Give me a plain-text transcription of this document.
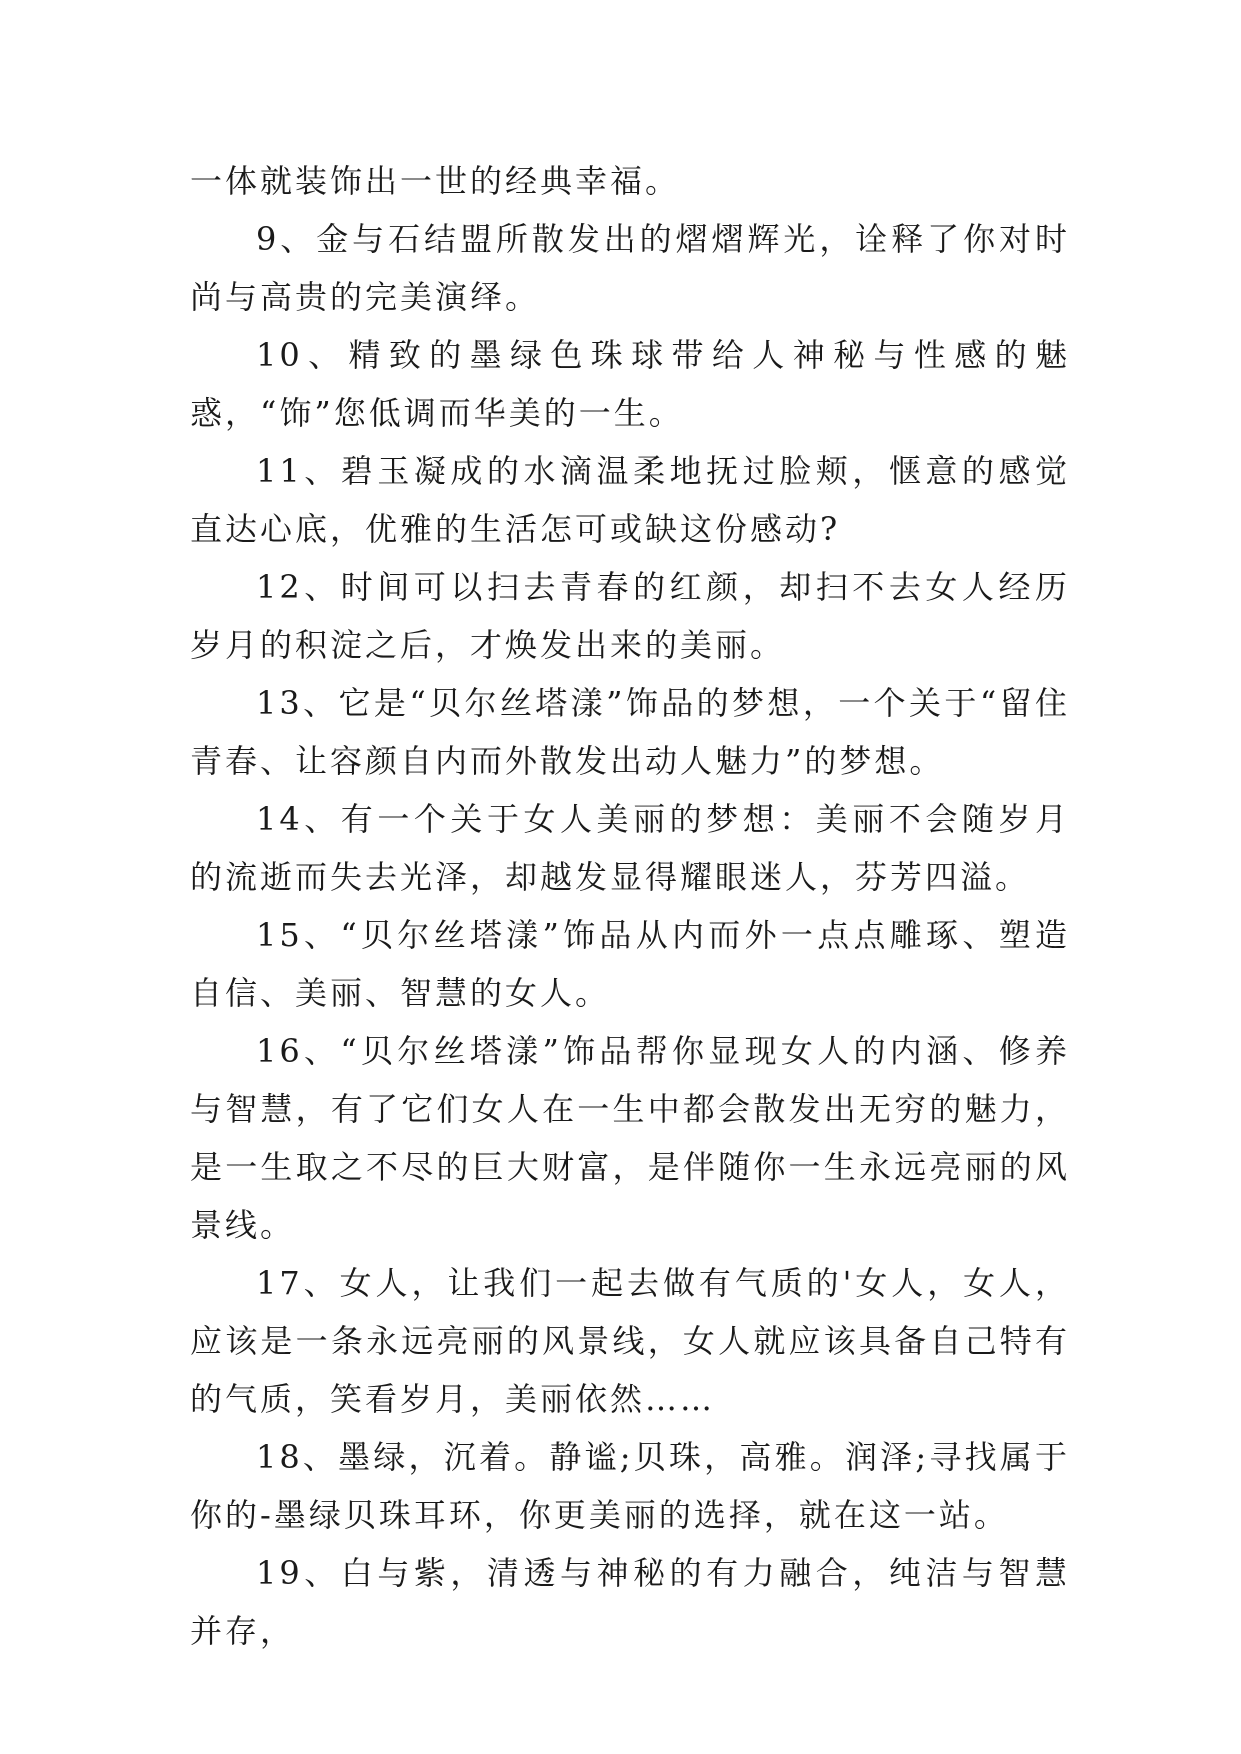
一体就装饰出一世的经典幸福。

9、金与石结盟所散发出的熠熠辉光，诠释了你对时尚与高贵的完美演绎。

10、精致的墨绿色珠球带给人神秘与性感的魅惑，“饰”您低调而华美的一生。

11、碧玉凝成的水滴温柔地抚过脸颊，惬意的感觉直达心底，优雅的生活怎可或缺这份感动?

12、时间可以扫去青春的红颜，却扫不去女人经历岁月的积淀之后，才焕发出来的美丽。

13、它是“贝尔丝塔漾”饰品的梦想，一个关于“留住青春、让容颜自内而外散发出动人魅力”的梦想。

14、有一个关于女人美丽的梦想：美丽不会随岁月的流逝而失去光泽，却越发显得耀眼迷人，芬芳四溢。

15、“贝尔丝塔漾”饰品从内而外一点点雕琢、塑造自信、美丽、智慧的女人。

16、“贝尔丝塔漾”饰品帮你显现女人的内涵、修养与智慧，有了它们女人在一生中都会散发出无穷的魅力，是一生取之不尽的巨大财富，是伴随你一生永远亮丽的风景线。

17、女人，让我们一起去做有气质的'女人，女人，应该是一条永远亮丽的风景线，女人就应该具备自己特有的气质，笑看岁月，美丽依然……

18、墨绿，沉着。静谧;贝珠，高雅。润泽;寻找属于你的-墨绿贝珠耳环，你更美丽的选择，就在这一站。

19、白与紫，清透与神秘的有力融合，纯洁与智慧并存，
